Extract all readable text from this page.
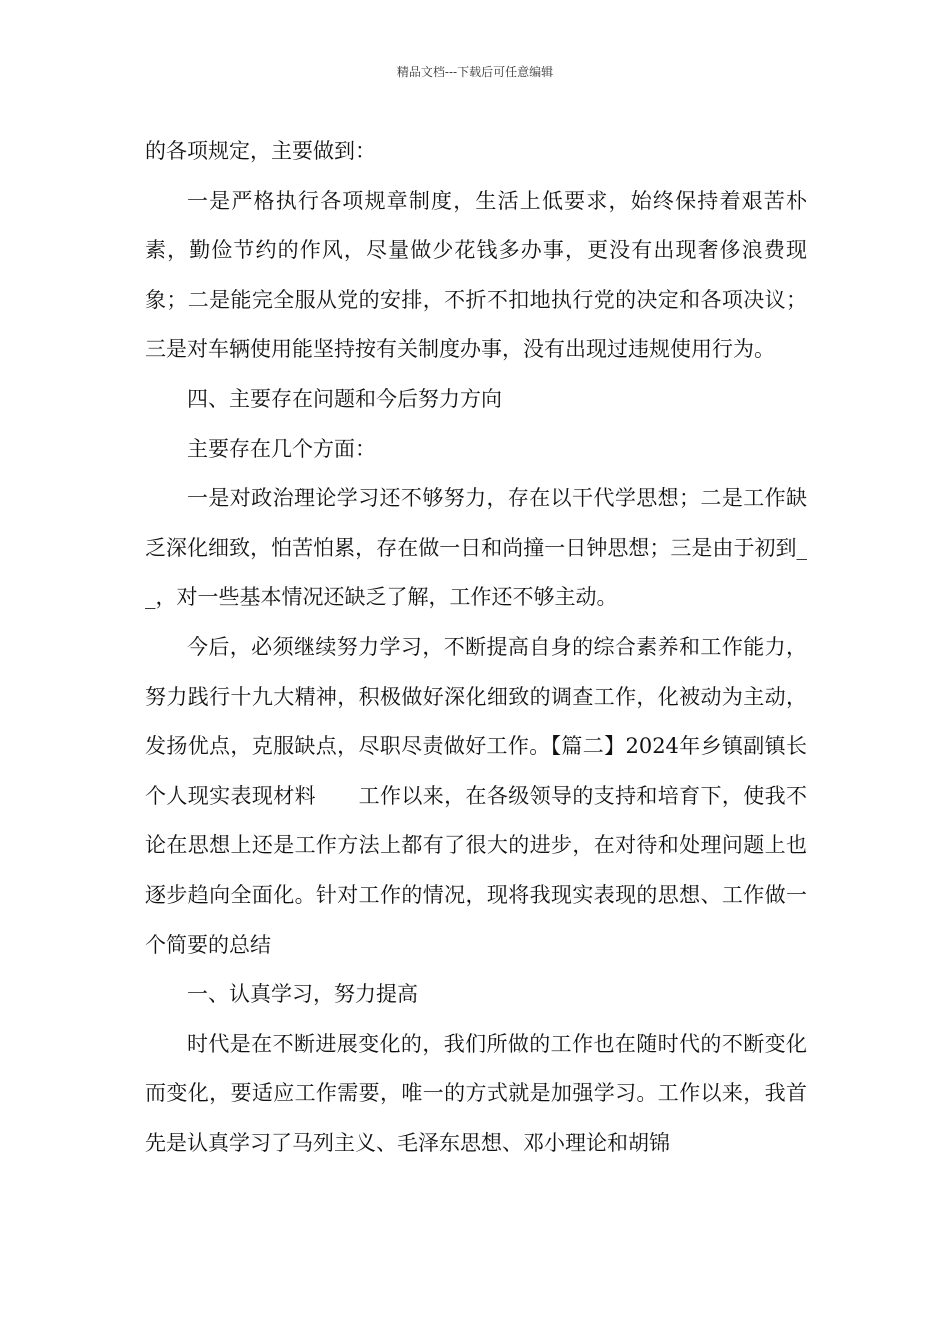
精品文档---下载后可任意编辑

的各项规定，主要做到：

一是严格执行各项规章制度，生活上低要求，始终保持着艰苦朴素，勤俭节约的作风，尽量做少花钱多办事，更没有出现奢侈浪费现象；二是能完全服从党的安排，不折不扣地执行党的决定和各项决议；三是对车辆使用能坚持按有关制度办事，没有出现过违规使用行为。

四、主要存在问题和今后努力方向

主要存在几个方面：

一是对政治理论学习还不够努力，存在以干代学思想；二是工作缺乏深化细致，怕苦怕累，存在做一日和尚撞一日钟思想；三是由于初到__，对一些基本情况还缺乏了解，工作还不够主动。

今后，必须继续努力学习，不断提高自身的综合素养和工作能力，努力践行十九大精神，积极做好深化细致的调查工作，化被动为主动，发扬优点，克服缺点，尽职尽责做好工作。【篇二】2024年乡镇副镇长个人现实表现材料　　工作以来，在各级领导的支持和培育下，使我不论在思想上还是工作方法上都有了很大的进步，在对待和处理问题上也逐步趋向全面化。针对工作的情况，现将我现实表现的思想、工作做一个简要的总结

一、认真学习，努力提高

时代是在不断进展变化的，我们所做的工作也在随时代的不断变化而变化，要适应工作需要，唯一的方式就是加强学习。工作以来，我首先是认真学习了马列主义、毛泽东思想、邓小理论和胡锦
